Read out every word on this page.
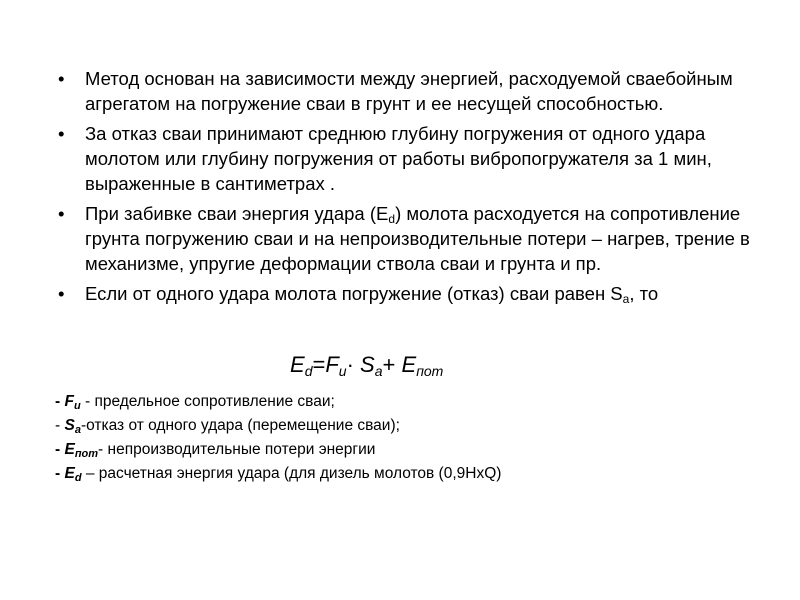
• Метод основан на зависимости между энергией, расходуемой сваебойным агрегатом на погружение сваи в грунт и ее несущей способностью.
• За отказ сваи принимают среднюю глубину погружения от одного удара молотом или глубину погружения от работы вибропогружателя за 1 мин, выраженные в сантиметрах .
• При забивке сваи энергия удара $(E_d)$ молота расходуется на сопротивление грунта погружению сваи и на непроизводительные потери – нагрев, трение в механизме, упругие деформации ствола сваи и грунта и пр.
• Если от одного удара молота погружение (отказ) сваи равен $S_a$, то
$E_d=F_u\cdot S_a+ E_{пот}$
- $F_u$ - предельное сопротивление сваи;
- $S_a$-отказ от одного удара (перемещение сваи);
- $E_{пот}-$ непроизводительные потери энергии
- $E_d$ – расчетная энергия удара (для дизель молотов (0,9HxQ)
